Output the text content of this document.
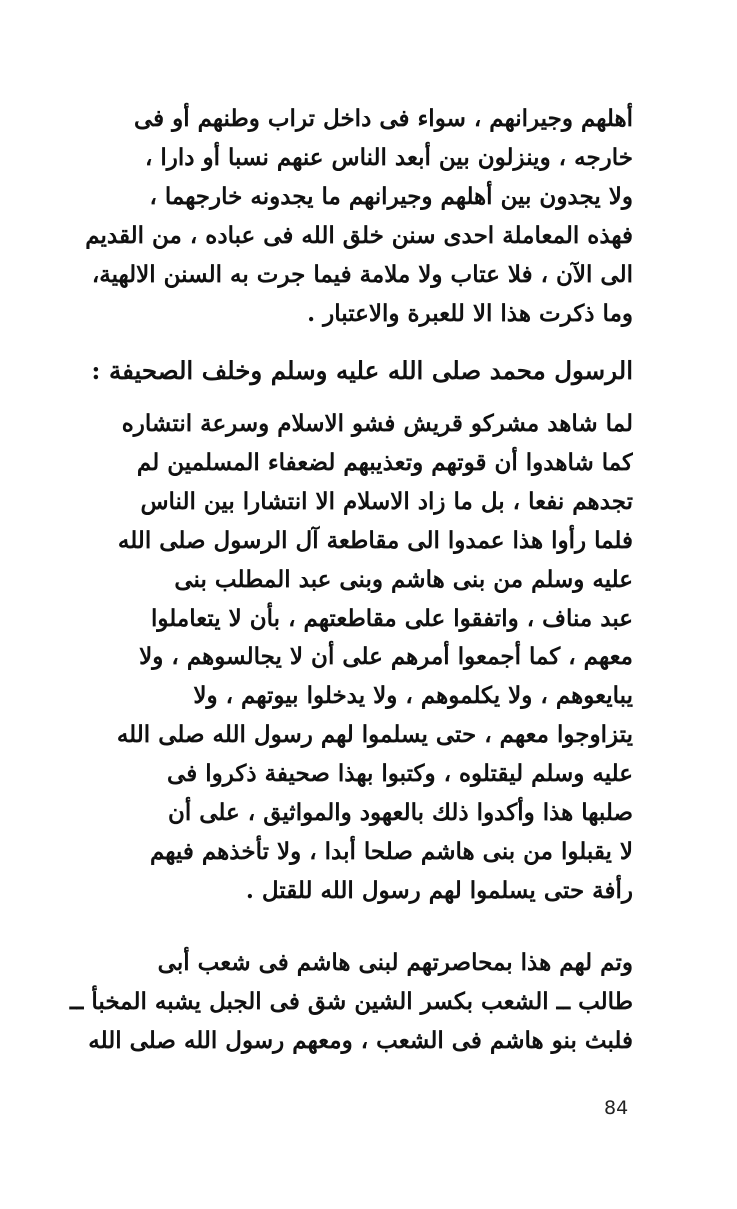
أهلهم وجيرانهم ، سواء فى داخل تراب وطنهم أو فى
خارجه ، وينزلون بين أبعد الناس عنهم نسبا أو دارا ،
ولا يجدون بين أهلهم وجيرانهم ما يجدونه خارجهما ،
فهذه المعاملة احدى سنن خلق الله فى عباده ، من القديم
الى الآن ، فلا عتاب ولا ملامة فيما جرت به السنن الالهية،
وما ذكرت هذا الا للعبرة والاعتبار .
الرسول محمد صلى الله عليه وسلم وخلف الصحيفة :
لما شاهد مشركو قريش فشو الاسلام وسرعة انتشاره
كما شاهدوا أن قوتهم وتعذيبهم لضعفاء المسلمين لم
تجدهم نفعا ، بل ما زاد الاسلام الا انتشارا بين الناس
فلما رأوا هذا عمدوا الى مقاطعة آل الرسول صلى الله
عليه وسلم من بنى هاشم وبنى عبد المطلب بنى
عبد مناف ، واتفقوا على مقاطعتهم ، بأن لا يتعاملوا
معهم ، كما أجمعوا أمرهم على أن لا يجالسوهم ، ولا
يبايعوهم ، ولا يكلموهم ، ولا يدخلوا بيوتهم ، ولا
يتزاوجوا معهم ، حتى يسلموا لهم رسول الله صلى الله
عليه وسلم ليقتلوه ، وكتبوا بهذا صحيفة ذكروا فى
صلبها هذا وأكدوا ذلك بالعهود والمواثيق ، على أن
لا يقبلوا من بنى هاشم صلحا أبدا ، ولا تأخذهم فيهم
رأفة حتى يسلموا لهم رسول الله للقتل .
وتم لهم هذا بمحاصرتهم لبنى هاشم فى شعب أبى
طالب ــ الشعب بكسر الشين شق فى الجبل يشبه المخبأ ــ
فلبث بنو هاشم فى الشعب ، ومعهم رسول الله صلى الله
84
